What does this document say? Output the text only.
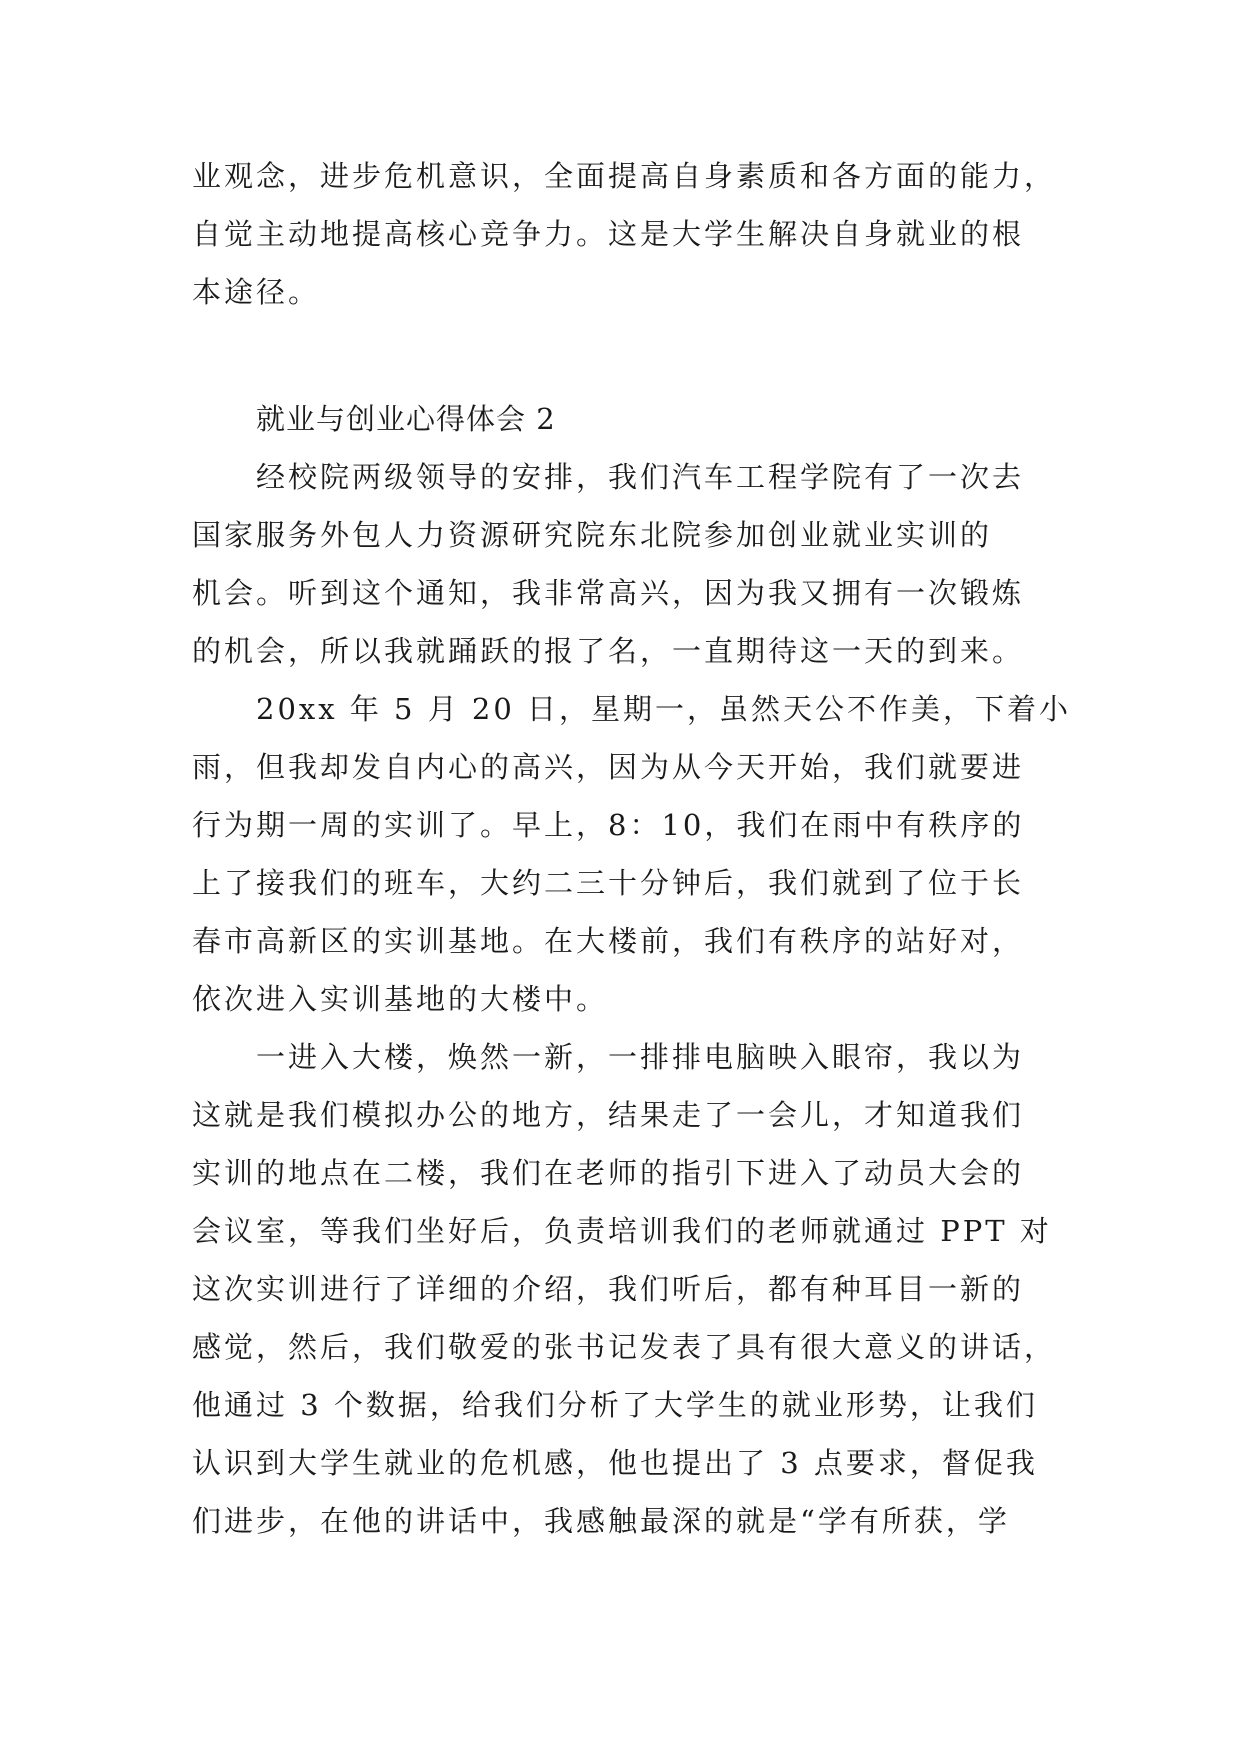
业观念，进步危机意识，全面提高自身素质和各方面的能力，
自觉主动地提高核心竞争力。这是大学生解决自身就业的根
本途径。
就业与创业心得体会 2
经校院两级领导的安排，我们汽车工程学院有了一次去
国家服务外包人力资源研究院东北院参加创业就业实训的
机会。听到这个通知，我非常高兴，因为我又拥有一次锻炼
的机会，所以我就踊跃的报了名，一直期待这一天的到来。
20xx 年 5 月 20 日，星期一，虽然天公不作美，下着小
雨，但我却发自内心的高兴，因为从今天开始，我们就要进
行为期一周的实训了。早上，8：10，我们在雨中有秩序的
上了接我们的班车，大约二三十分钟后，我们就到了位于长
春市高新区的实训基地。在大楼前，我们有秩序的站好对，
依次进入实训基地的大楼中。
一进入大楼，焕然一新，一排排电脑映入眼帘，我以为
这就是我们模拟办公的地方，结果走了一会儿，才知道我们
实训的地点在二楼，我们在老师的指引下进入了动员大会的
会议室，等我们坐好后，负责培训我们的老师就通过 PPT 对
这次实训进行了详细的介绍，我们听后，都有种耳目一新的
感觉，然后，我们敬爱的张书记发表了具有很大意义的讲话，
他通过 3 个数据，给我们分析了大学生的就业形势，让我们
认识到大学生就业的危机感，他也提出了 3 点要求，督促我
们进步，在他的讲话中，我感触最深的就是“学有所获，学
